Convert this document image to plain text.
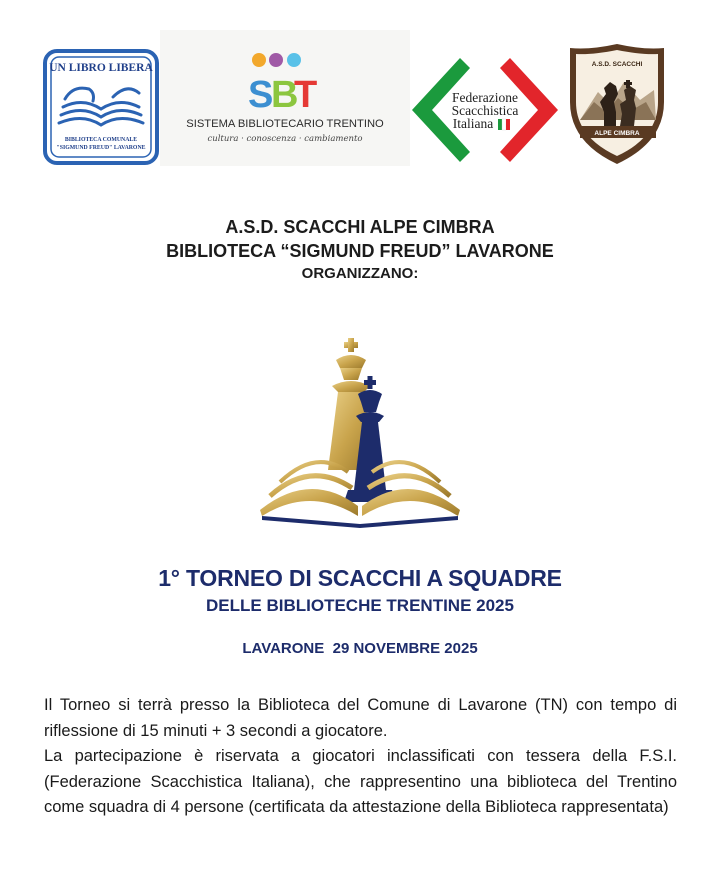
UN LIBRO LIBERA
BIBLIOTECA COMUNALE
"SIGMUND FREUD" LAVARONE
S
B
T
SISTEMA BIBLIOTECARIO TRENTINO
cultura · conoscenza · cambiamento
Federazione
Scacchistica
Italiana
A.S.D. SCACCHI
ALPE CIMBRA
A.S.D. SCACCHI ALPE CIMBRA
BIBLIOTECA “SIGMUND FREUD” LAVARONE
ORGANIZZANO:
1° TORNEO DI SCACCHI A SQUADRE
DELLE BIBLIOTECHE TRENTINE 2025
LAVARONE  29 NOVEMBRE 2025

Il Torneo si terrà presso la Biblioteca del Comune di Lavarone (TN) con tempo di riflessione di 15 minuti + 3 secondi a giocatore.

La partecipazione è riservata a giocatori inclassificati con tessera della F.S.I. (Federazione Scacchistica Italiana), che rappresentino una biblioteca del Trentino come squadra di 4 persone (certificata da attestazione della Biblioteca rappresentata)
